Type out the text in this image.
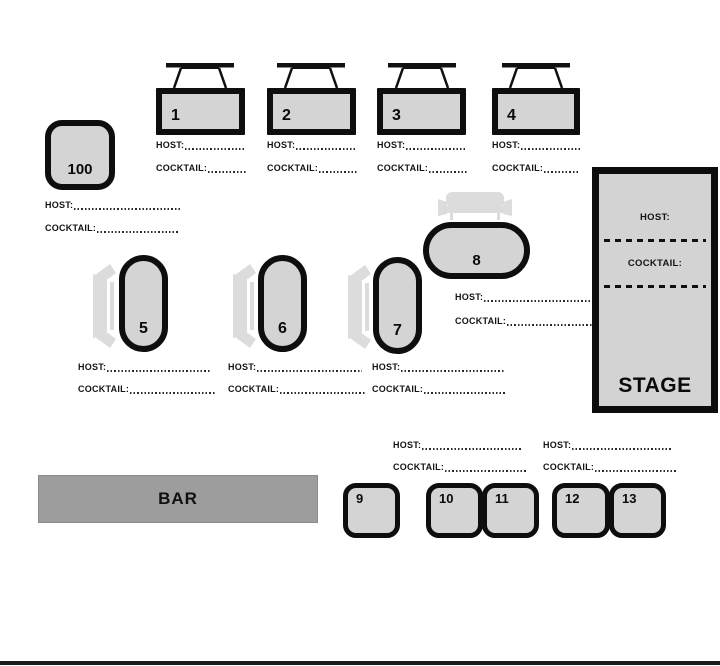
1	2	3	4
HOST:
COCKTAIL:
HOST:
COCKTAIL:
HOST:
COCKTAIL:
HOST:
COCKTAIL:
100
HOST:
COCKTAIL:
5	6	7
HOST:
COCKTAIL:
HOST:
COCKTAIL:
HOST:
COCKTAIL:
8
HOST:
COCKTAIL:
HOST:
COCKTAIL:
STAGE
BAR
HOST:
COCKTAIL:
HOST:
COCKTAIL:
9	10	11	12	13
